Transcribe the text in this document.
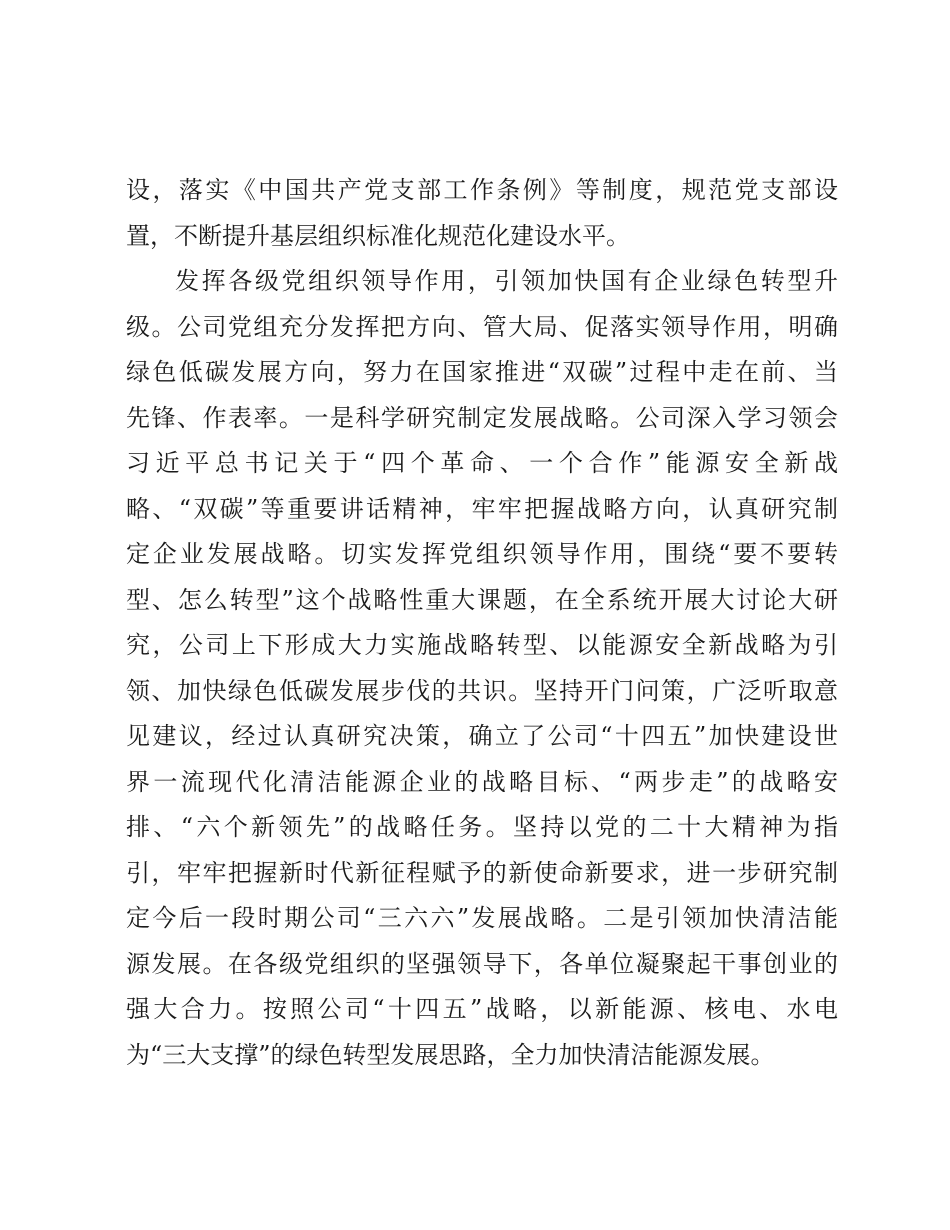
设，落实《中国共产党支部工作条例》等制度，规范党支部设
置，不断提升基层组织标准化规范化建设水平。
发挥各级党组织领导作用，引领加快国有企业绿色转型升
级。公司党组充分发挥把方向、管大局、促落实领导作用，明确
绿色低碳发展方向，努力在国家推进“双碳”过程中走在前、当
先锋、作表率。一是科学研究制定发展战略。公司深入学习领会
习近平总书记关于“四个革命、一个合作”能源安全新战
略、“双碳”等重要讲话精神，牢牢把握战略方向，认真研究制
定企业发展战略。切实发挥党组织领导作用，围绕“要不要转
型、怎么转型”这个战略性重大课题，在全系统开展大讨论大研
究，公司上下形成大力实施战略转型、以能源安全新战略为引
领、加快绿色低碳发展步伐的共识。坚持开门问策，广泛听取意
见建议，经过认真研究决策，确立了公司“十四五”加快建设世
界一流现代化清洁能源企业的战略目标、“两步走”的战略安
排、“六个新领先”的战略任务。坚持以党的二十大精神为指
引，牢牢把握新时代新征程赋予的新使命新要求，进一步研究制
定今后一段时期公司“三六六”发展战略。二是引领加快清洁能
源发展。在各级党组织的坚强领导下，各单位凝聚起干事创业的
强大合力。按照公司“十四五”战略，以新能源、核电、水电
为“三大支撑”的绿色转型发展思路，全力加快清洁能源发展。
